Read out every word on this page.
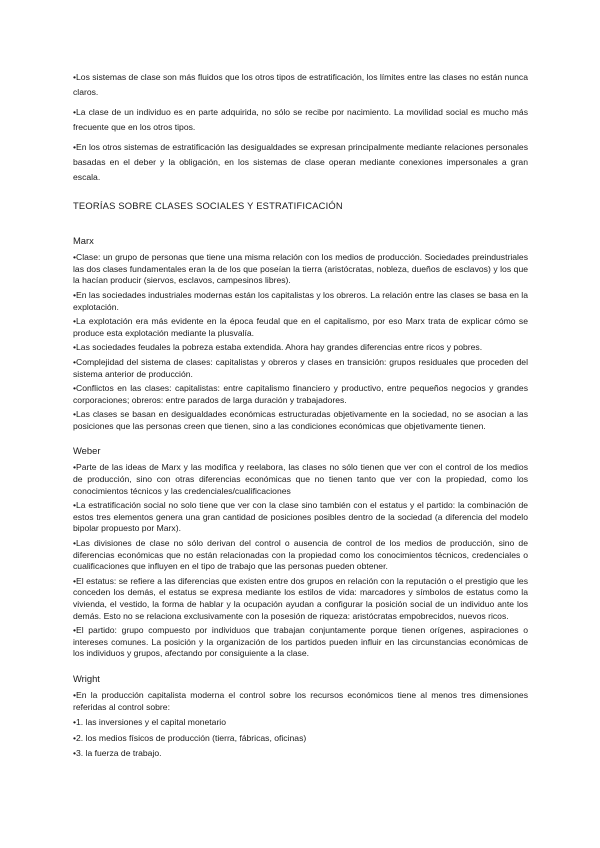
•Los sistemas de clase son más fluidos que los otros tipos de estratificación, los límites entre las clases no están nunca claros.

•La clase de un individuo es en parte adquirida, no sólo se recibe por nacimiento. La movilidad social es mucho más frecuente que en los otros tipos.

•En los otros sistemas de estratificación las desigualdades se expresan principalmente mediante relaciones personales basadas en el deber y la obligación, en los sistemas de clase operan mediante conexiones impersonales a gran escala.

TEORÍAS SOBRE CLASES SOCIALES Y ESTRATIFICACIÓN
Marx

•Clase: un grupo de personas que tiene una misma relación con los medios de producción. Sociedades preindustriales las dos clases fundamentales eran la de los que poseían la tierra (aristócratas, nobleza, dueños de esclavos) y los que la hacían producir (siervos, esclavos, campesinos libres).

•En las sociedades industriales modernas están los capitalistas y los obreros. La relación entre las clases se basa en la explotación.

•La explotación era más evidente en la época feudal que en el capitalismo, por eso Marx trata de explicar cómo se produce esta explotación mediante la plusvalía.

•Las sociedades feudales la pobreza estaba extendida. Ahora hay grandes diferencias entre ricos y pobres.

•Complejidad del sistema de clases: capitalistas y obreros y clases en transición: grupos residuales que proceden del sistema anterior de producción.

•Conflictos en las clases: capitalistas: entre capitalismo financiero y productivo, entre pequeños negocios y grandes corporaciones; obreros: entre parados de larga duración y trabajadores.

•Las clases se basan en desigualdades económicas estructuradas objetivamente en la sociedad, no se asocian a las posiciones que las personas creen que tienen, sino a las condiciones económicas que objetivamente tienen.

Weber

•Parte de las ideas de Marx y las modifica y reelabora, las clases no sólo tienen que ver con el control de los medios de producción, sino con otras diferencias económicas que no tienen tanto que ver con la propiedad, como los conocimientos técnicos y las credenciales/cualificaciones

•La estratificación social no solo tiene que ver con la clase sino también con el estatus y el partido: la combinación de estos tres elementos genera una gran cantidad de posiciones posibles dentro de la sociedad (a diferencia del modelo bipolar propuesto por Marx).

•Las divisiones de clase no sólo derivan del control o ausencia de control de los medios de producción, sino de diferencias económicas que no están relacionadas con la propiedad como los conocimientos técnicos, credenciales o cualificaciones que influyen en el tipo de trabajo que las personas pueden obtener.

•El estatus: se refiere a las diferencias que existen entre dos grupos en relación con la reputación o el prestigio que les conceden los demás, el estatus se expresa mediante los estilos de vida: marcadores y símbolos de estatus como la vivienda, el vestido, la forma de hablar y la ocupación ayudan a configurar la posición social de un individuo ante los demás. Esto no se relaciona exclusivamente con la posesión de riqueza: aristócratas empobrecidos, nuevos ricos.

•El partido: grupo compuesto por individuos que trabajan conjuntamente porque tienen orígenes, aspiraciones o intereses comunes. La posición y la organización de los partidos pueden influir en las circunstancias económicas de los individuos y grupos, afectando por consiguiente a la clase.

Wright

•En la producción capitalista moderna el control sobre los recursos económicos tiene al menos tres dimensiones referidas al control sobre:

•1. las inversiones y el capital monetario

•2. los medios físicos de producción (tierra, fábricas, oficinas)

•3. la fuerza de trabajo.
